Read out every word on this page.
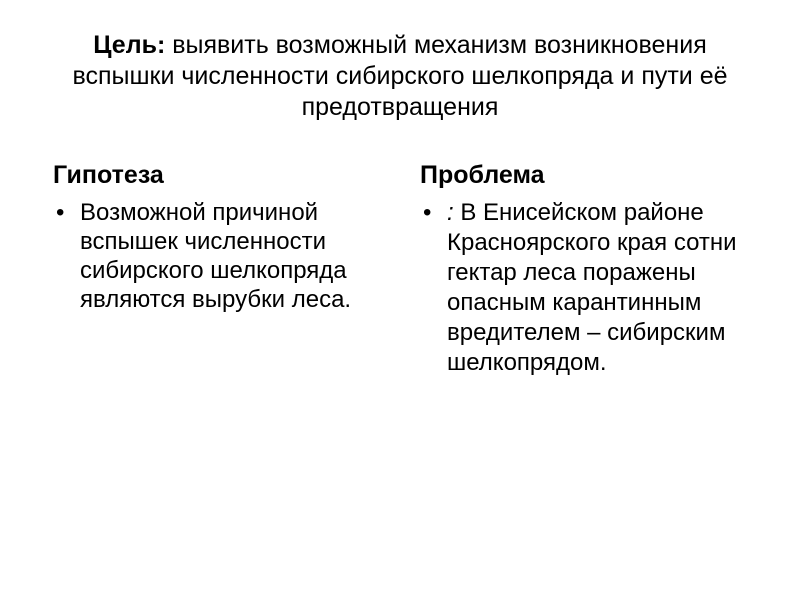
Цель: выявить возможный механизм возникновения вспышки численности сибирского шелкопряда и пути её предотвращения
Гипотеза
• Возможной причиной вспышек численности сибирского шелкопряда являются вырубки леса.
Проблема
• : В Енисейском районе Красноярского края сотни гектар леса поражены опасным карантинным вредителем – сибирским шелкопрядом.
